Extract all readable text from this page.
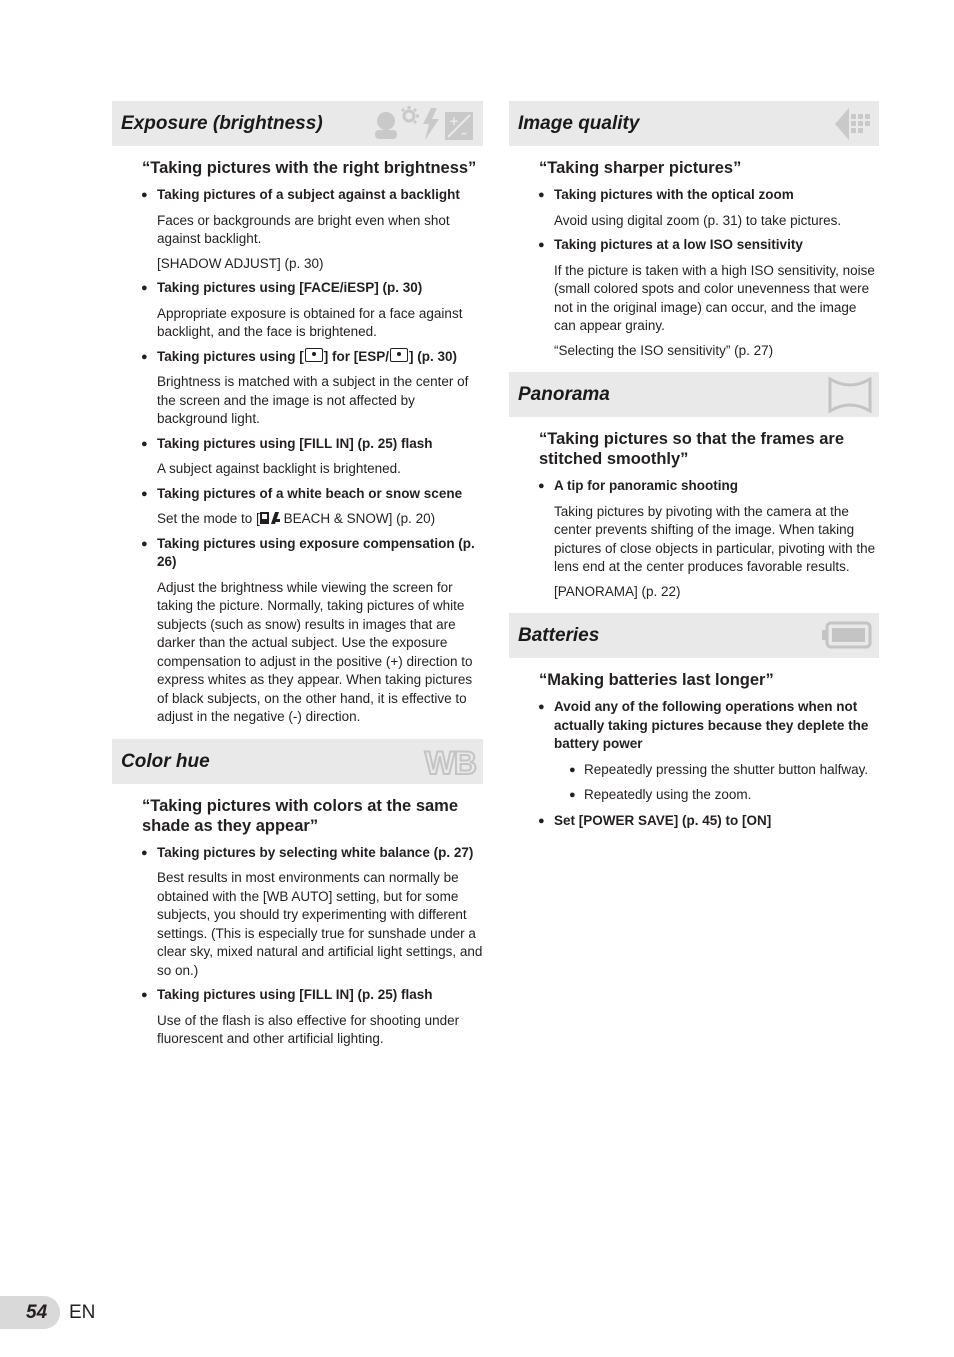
Exposure (brightness)	+
–
“Taking pictures with the right brightness”
● Taking pictures of a subject against a backlight
Faces or backgrounds are bright even when shot against backlight.
[SHADOW ADJUST] (p. 30)
● Taking pictures using [FACE/iESP] (p. 30)
Appropriate exposure is obtained for a face against backlight, and the face is brightened.
● Taking pictures using [ ] for [ESP/ ] (p. 30)
Brightness is matched with a subject in the center of the screen and the image is not affected by background light.
● Taking pictures using [FILL IN] (p. 25) flash
A subject against backlight is brightened.
● Taking pictures of a white beach or snow scene
Set the mode to [ BEACH & SNOW] (p. 20)
● Taking pictures using exposure compensation (p. 26)
Adjust the brightness while viewing the screen for taking the picture. Normally, taking pictures of white subjects (such as snow) results in images that are darker than the actual subject. Use the exposure compensation to adjust in the positive (+) direction to express whites as they appear. When taking pictures of black subjects, on the other hand, it is effective to adjust in the negative (-) direction.
Color hue	WB
“Taking pictures with colors at the same shade as they appear”
● Taking pictures by selecting white balance (p. 27)
Best results in most environments can normally be obtained with the [WB AUTO] setting, but for some subjects, you should try experimenting with different settings. (This is especially true for sunshade under a clear sky, mixed natural and artificial light settings, and so on.)
● Taking pictures using [FILL IN] (p. 25) flash
Use of the flash is also effective for shooting under fluorescent and other artificial lighting.
Image quality
“Taking sharper pictures”
● Taking pictures with the optical zoom
Avoid using digital zoom (p. 31) to take pictures.
● Taking pictures at a low ISO sensitivity
If the picture is taken with a high ISO sensitivity, noise (small colored spots and color unevenness that were not in the original image) can occur, and the image can appear grainy.
“Selecting the ISO sensitivity” (p. 27)
Panorama
“Taking pictures so that the frames are stitched smoothly”
● A tip for panoramic shooting
Taking pictures by pivoting with the camera at the center prevents shifting of the image. When taking pictures of close objects in particular, pivoting with the lens end at the center produces favorable results.
[PANORAMA] (p. 22)
Batteries
“Making batteries last longer”
● Avoid any of the following operations when not actually taking pictures because they deplete the battery power
● Repeatedly pressing the shutter button halfway.
● Repeatedly using the zoom.
● Set [POWER SAVE] (p. 45) to [ON]
54 EN
